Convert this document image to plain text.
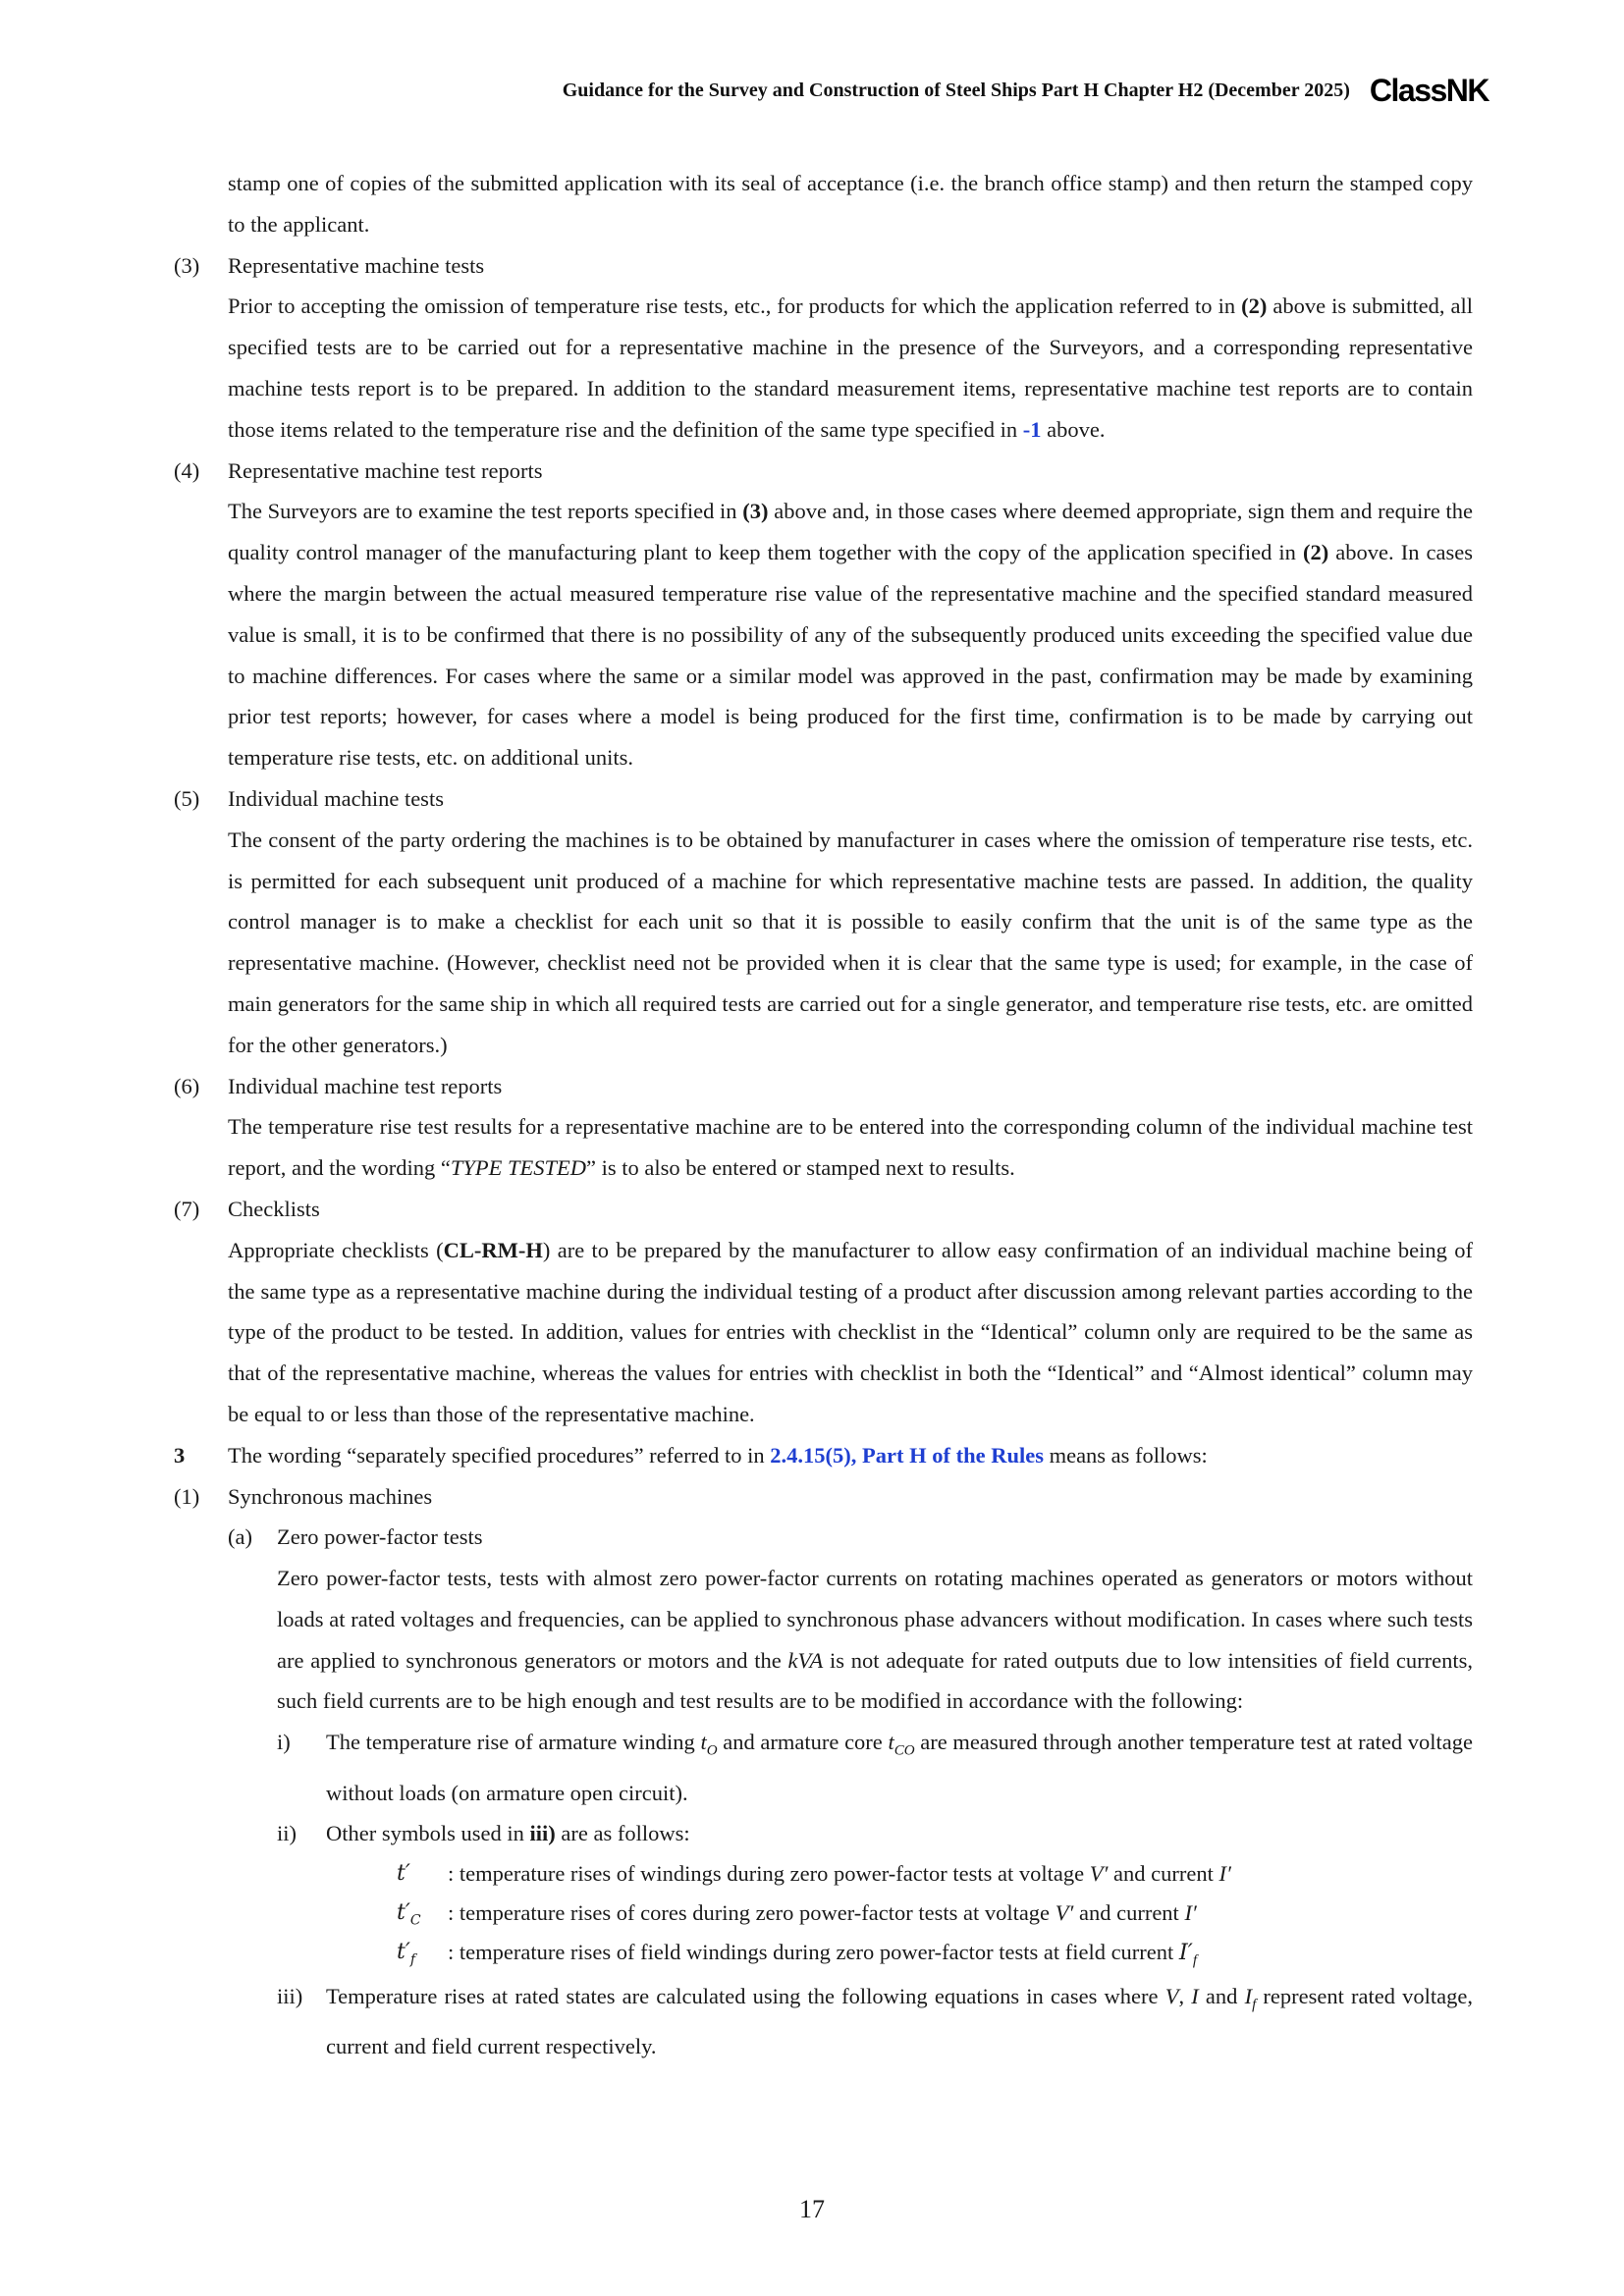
Guidance for the Survey and Construction of Steel Ships Part H Chapter H2 (December 2025) ClassNK

stamp one of copies of the submitted application with its seal of acceptance (i.e. the branch office stamp) and then return the stamped copy to the applicant.

(3)	Representative machine tests

Prior to accepting the omission of temperature rise tests, etc., for products for which the application referred to in (2) above is submitted, all specified tests are to be carried out for a representative machine in the presence of the Surveyors, and a corresponding representative machine tests report is to be prepared. In addition to the standard measurement items, representative machine test reports are to contain those items related to the temperature rise and the definition of the same type specified in -1 above.

(4)	Representative machine test reports

The Surveyors are to examine the test reports specified in (3) above and, in those cases where deemed appropriate, sign them and require the quality control manager of the manufacturing plant to keep them together with the copy of the application specified in (2) above. In cases where the margin between the actual measured temperature rise value of the representative machine and the specified standard measured value is small, it is to be confirmed that there is no possibility of any of the subsequently produced units exceeding the specified value due to machine differences. For cases where the same or a similar model was approved in the past, confirmation may be made by examining prior test reports; however, for cases where a model is being produced for the first time, confirmation is to be made by carrying out temperature rise tests, etc. on additional units.

(5)	Individual machine tests

The consent of the party ordering the machines is to be obtained by manufacturer in cases where the omission of temperature rise tests, etc. is permitted for each subsequent unit produced of a machine for which representative machine tests are passed. In addition, the quality control manager is to make a checklist for each unit so that it is possible to easily confirm that the unit is of the same type as the representative machine. (However, checklist need not be provided when it is clear that the same type is used; for example, in the case of main generators for the same ship in which all required tests are carried out for a single generator, and temperature rise tests, etc. are omitted for the other generators.)

(6)	Individual machine test reports

The temperature rise test results for a representative machine are to be entered into the corresponding column of the individual machine test report, and the wording “TYPE TESTED” is to also be entered or stamped next to results.

(7)	Checklists

Appropriate checklists (CL-RM-H) are to be prepared by the manufacturer to allow easy confirmation of an individual machine being of the same type as a representative machine during the individual testing of a product after discussion among relevant parties according to the type of the product to be tested. In addition, values for entries with checklist in the “Identical” column only are required to be the same as that of the representative machine, whereas the values for entries with checklist in both the “Identical” and “Almost identical” column may be equal to or less than those of the representative machine.

3	The wording “separately specified procedures” referred to in 2.4.15(5), Part H of the Rules means as follows:

(1)	Synchronous machines

(a)	Zero power-factor tests

Zero power-factor tests, tests with almost zero power-factor currents on rotating machines operated as generators or motors without loads at rated voltages and frequencies, can be applied to synchronous phase advancers without modification. In cases where such tests are applied to synchronous generators or motors and the kVA is not adequate for rated outputs due to low intensities of field currents, such field currents are to be high enough and test results are to be modified in accordance with the following:

i)	The temperature rise of armature winding $t_O$ and armature core $t_{CO}$ are measured through another temperature test at rated voltage without loads (on armature open circuit).

ii)	Other symbols used in iii) are as follows:

t′ : temperature rises of windings during zero power-factor tests at voltage V′ and current I′
$t'_C$ : temperature rises of cores during zero power-factor tests at voltage V′ and current I′
$t'_f$ : temperature rises of field windings during zero power-factor tests at field current $I'_f$
iii)	Temperature rises at rated states are calculated using the following equations in cases where V, I and $I_f$ represent rated voltage, current and field current respectively.

17
